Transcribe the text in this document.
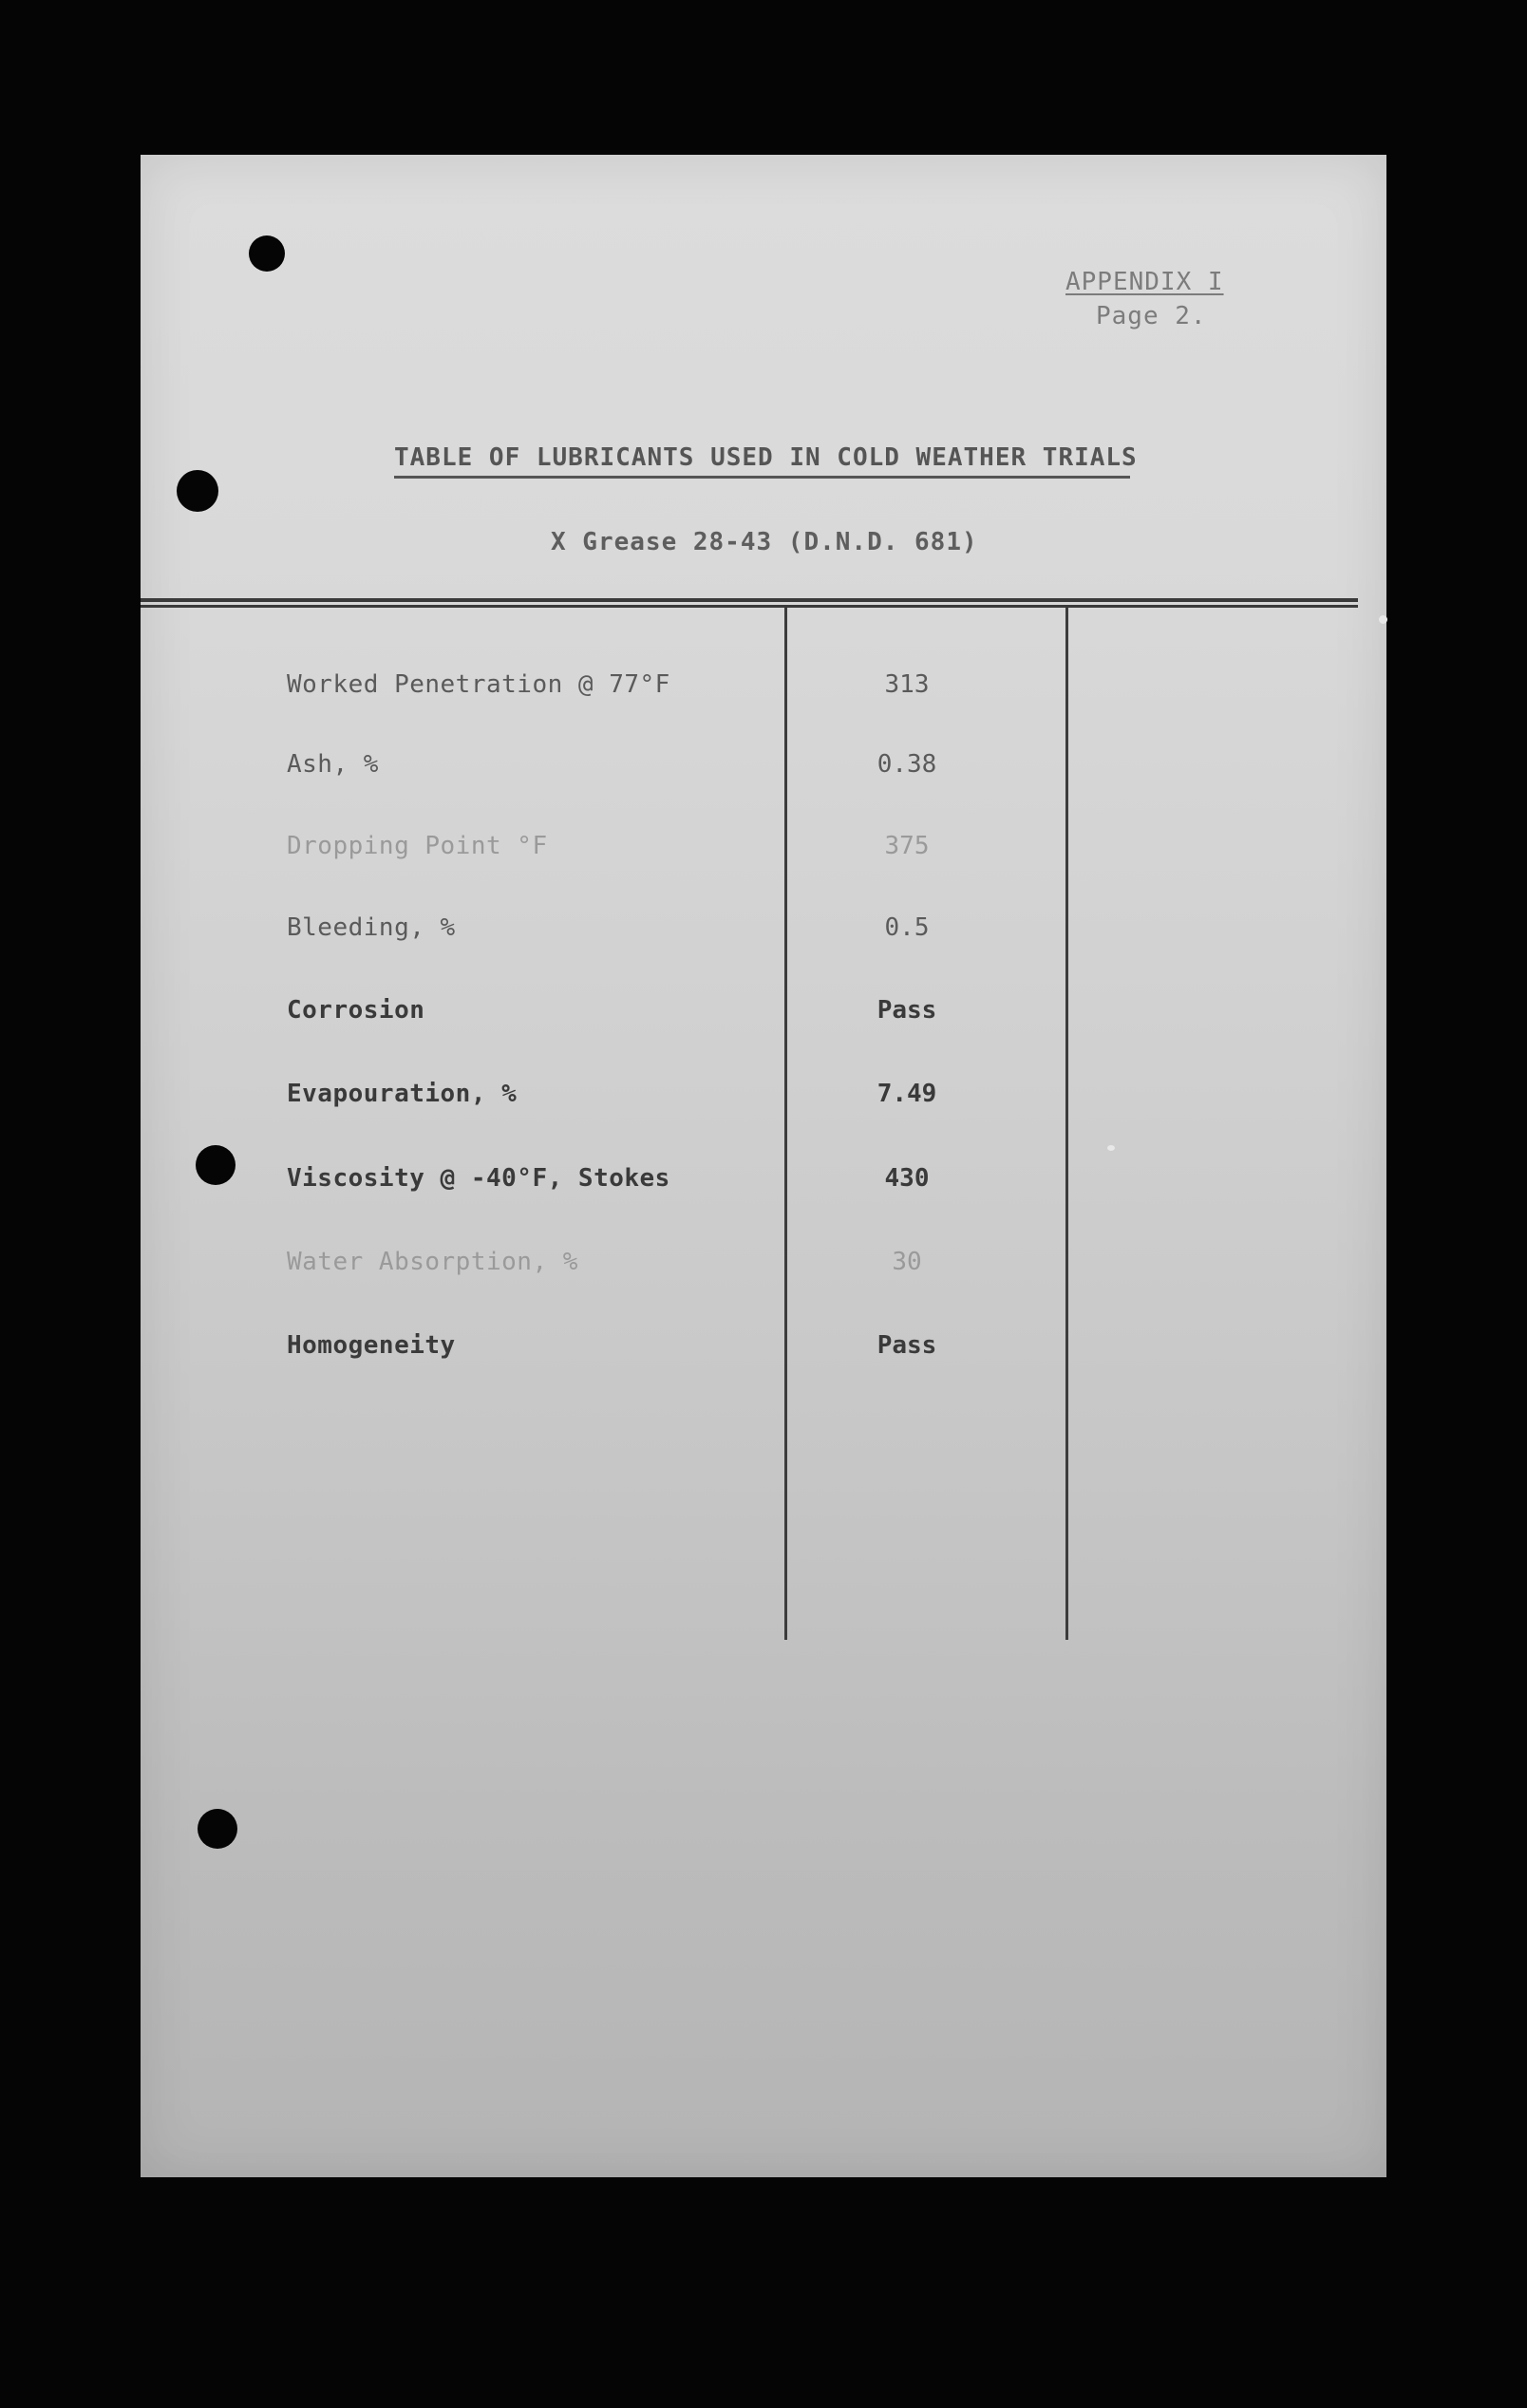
APPENDIX I
Page 2.
TABLE OF LUBRICANTS USED IN COLD WEATHER TRIALS
X Grease 28-43 (D.N.D. 681)
Worked Penetration @ 77°F	313
Ash, %	0.38
Dropping Point °F	375
Bleeding, %	0.5
Corrosion	Pass
Evapouration, %	7.49
Viscosity @ -40°F, Stokes	430
Water Absorption, %	30
Homogeneity	Pass
